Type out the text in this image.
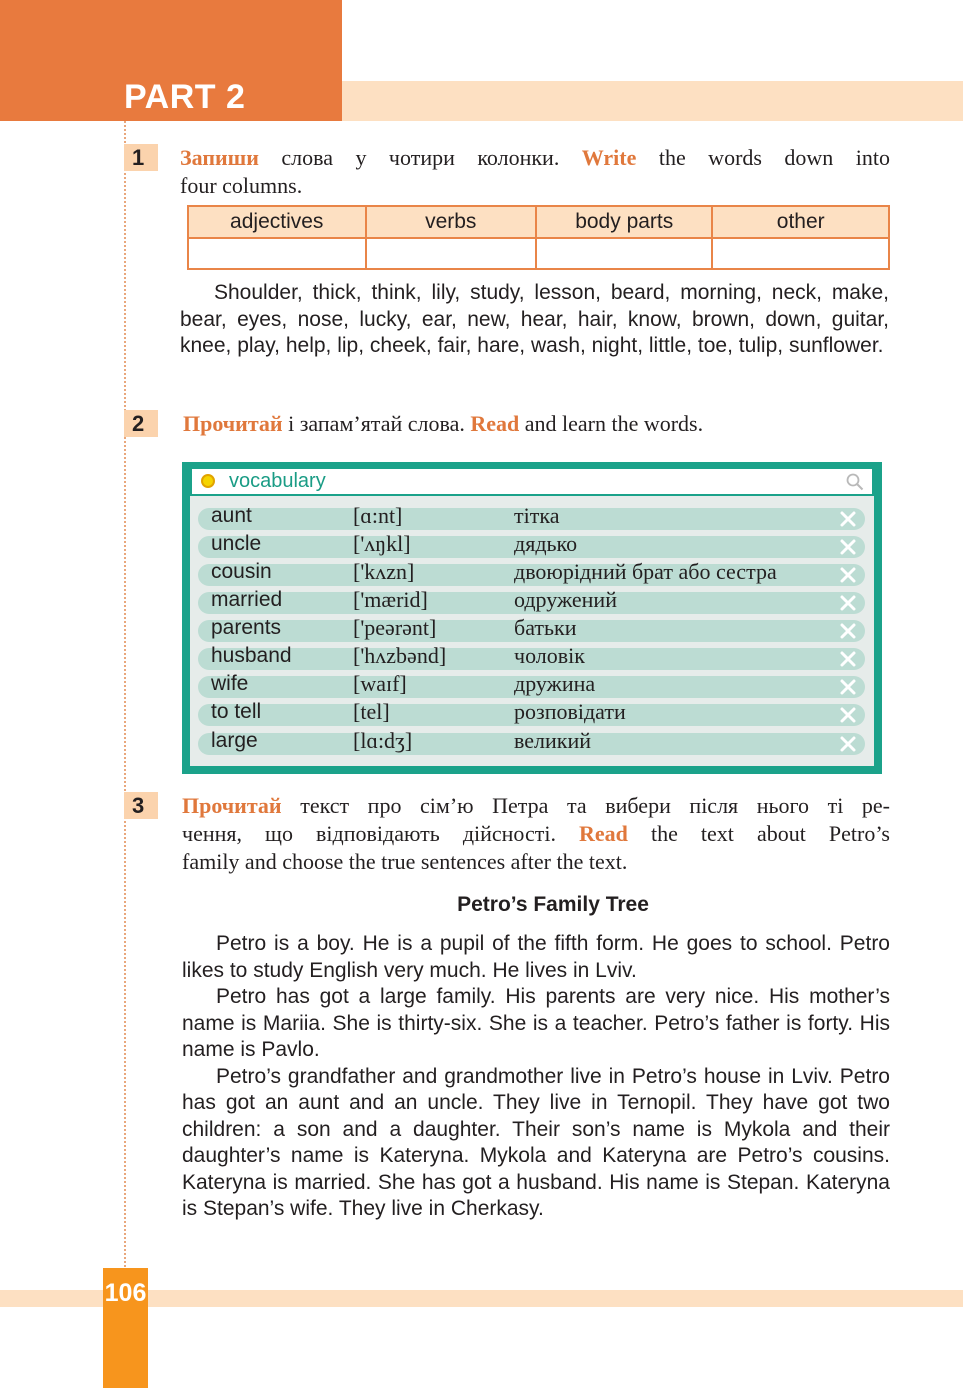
PART 2
1	Запиши слова у чотири колонки. Write the words down into
four columns.
adjectives	verbs	body parts	other

Shoulder, thick, think, lily, study, lesson, beard, morning, neck, make, bear, eyes, nose, lucky, ear, new, hear, hair, know, brown, down, guitar, knee, play, help, lip, cheek, fair, hare, wash, night, little, toe, tulip, sunflower.
2	Прочитай і запам’ятай слова. Read and learn the words.
vocabulary
aunt	[ɑ:nt]	тітка
uncle	['ʌŋkl]	дядько
cousin	['kʌzn]	двоюрідний брат або сестра
married	['mærid]	одружений
parents	['peərənt]	батьки
husband	['hʌzbənd]	чоловік
wife	[waɪf]	дружина
to tell	[tel]	розповідати
large	[lɑ:dʒ]	великий
3	Прочитай текст про сім’ю Петра та вибери після нього ті ре-
чення, що відповідають дійсності. Read the text about Petro’s
family and choose the true sentences after the text.
Petro’s Family Tree

Petro is a boy. He is a pupil of the fifth form. He goes to school. Petro likes to study English very much. He lives in Lviv.

Petro has got a large family. His parents are very nice. His mother’s name is Mariia. She is thirty-six. She is a teacher. Petro’s father is forty. His name is Pavlo.

Petro’s grandfather and grandmother live in Petro’s house in Lviv. Petro has got an aunt and an uncle. They live in Ternopil. They have got two children: a son and a daughter. Their son’s name is Mykola and their daughter’s name is Kateryna. Mykola and Kateryna are Petro’s cousins. Kateryna is married. She has got a husband. His name is Stepan. Kateryna is Stepan’s wife. They live in Cherkasy.

106
